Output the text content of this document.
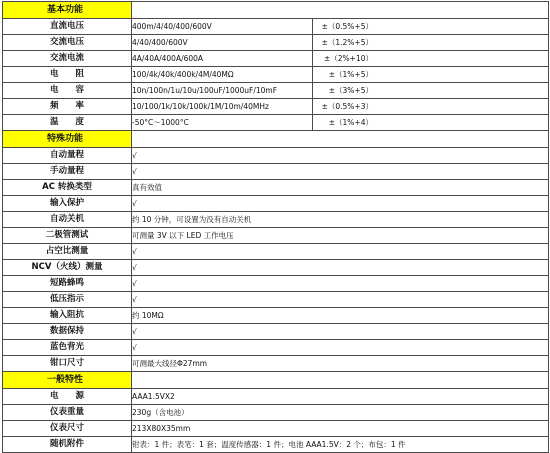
基本功能		
直流电压	400m/4/40/400/600V	±（0.5%+5）
交流电压	4/40/400/600V	±（1.2%+5）
交流电流	4A/40A/400A/600A	±（2%+10）
电　　阻	100/4k/40k/400k/4M/40MΩ	±（1%+5）
电　　容	10n/100n/1u/10u/100uF/1000uF/10mF	±（3%+5）
频　　率	10/100/1k/10k/100k/1M/10m/40MHz	±（0.5%+3）
温　　度	-50°C～1000°C	±（1%+4）
特殊功能		
自动量程	√	
手动量程	√	
AC 转换类型	真有效值	
输入保护	√	
自动关机	约 10 分钟，可设置为没有自动关机	
二极管测试	可测量 3V 以下 LED 工作电压	
占空比测量	√	
NCV（火线）测量	√	
短路蜂鸣	√	
低压指示	√	
输入阻抗	约 10MΩ	
数据保持	√	
蓝色背光	√	
钳口尺寸	可测最大线径Φ27mm	
一般特性		
电　　源	AAA1.5VX2	
仪表重量	230g（含电池）	
仪表尺寸	213X80X35mm	
随机附件	钳表：1 件；表笔：1 套；温度传感器：1 件；电池 AAA1.5V：2 个；布包：1 件	
